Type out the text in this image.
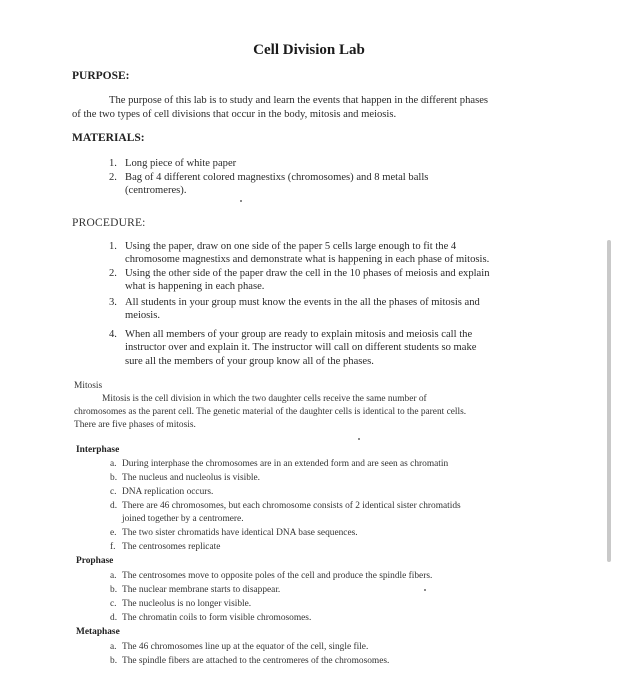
Cell Division Lab
PURPOSE:
The purpose of this lab is to study and learn the events that happen in the different phases
of the two types of cell divisions that occur in the body, mitosis and meiosis.
MATERIALS:
1. Long piece of white paper
2. Bag of 4 different colored magnestixs (chromosomes) and 8 metal balls
(centromeres).
PROCEDURE:
1. Using the paper, draw on one side of the paper 5 cells large enough to fit the 4
chromosome magnestixs and demonstrate what is happening in each phase of mitosis.
2. Using the other side of the paper draw the cell in the 10 phases of meiosis and explain
what is happening in each phase.
3. All students in your group must know the events in the all the phases of mitosis and
meiosis.
4. When all members of your group are ready to explain mitosis and meiosis call the
instructor over and explain it. The instructor will call on different students so make
sure all the members of your group know all of the phases.
Mitosis
Mitosis is the cell division in which the two daughter cells receive the same number of
chromosomes as the parent cell. The genetic material of the daughter cells is identical to the parent cells.
There are five phases of mitosis.
Interphase
a. During interphase the chromosomes are in an extended form and are seen as chromatin
b. The nucleus and nucleolus is visible.
c. DNA replication occurs.
d. There are 46 chromosomes, but each chromosome consists of 2 identical sister chromatids
joined together by a centromere.
e. The two sister chromatids have identical DNA base sequences.
f. The centrosomes replicate
Prophase
a. The centrosomes move to opposite poles of the cell and produce the spindle fibers.
b. The nuclear membrane starts to disappear.
c. The nucleolus is no longer visible.
d. The chromatin coils to form visible chromosomes.
Metaphase
a. The 46 chromosomes line up at the equator of the cell, single file.
b. The spindle fibers are attached to the centromeres of the chromosomes.
